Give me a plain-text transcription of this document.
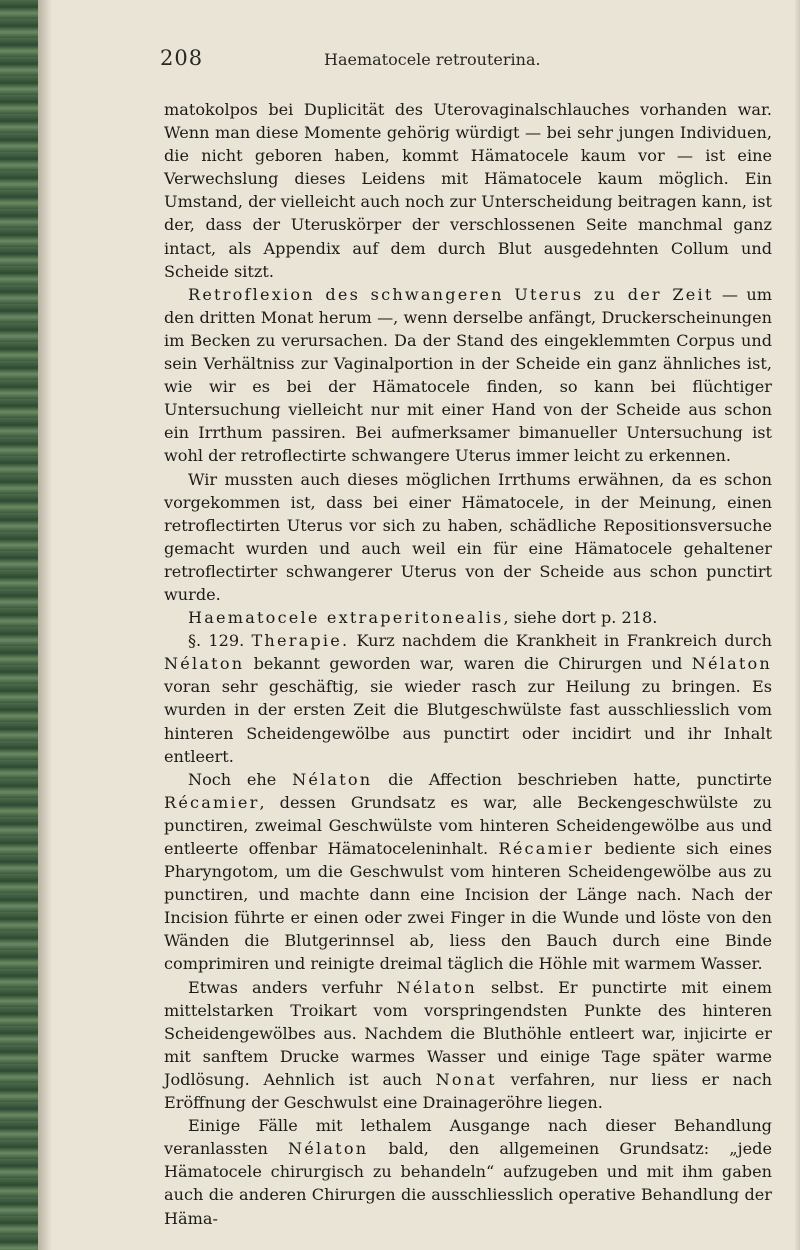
208	Haematocele retrouterina.

matokolpos bei Duplicität des Uterovaginalschlauches vorhanden war. Wenn man diese Momente gehörig würdigt — bei sehr jungen Individuen, die nicht geboren haben, kommt Hämatocele kaum vor — ist eine Verwechslung dieses Leidens mit Hämatocele kaum möglich. Ein Umstand, der vielleicht auch noch zur Unterscheidung beitragen kann, ist der, dass der Uteruskörper der verschlossenen Seite manchmal ganz intact, als Appendix auf dem durch Blut ausgedehnten Collum und Scheide sitzt.

Retroflexion des schwangeren Uterus zu der Zeit — um den dritten Monat herum —, wenn derselbe anfängt, Druckerscheinungen im Becken zu verursachen. Da der Stand des eingeklemmten Corpus und sein Verhältniss zur Vaginalportion in der Scheide ein ganz ähnliches ist, wie wir es bei der Hämatocele finden, so kann bei flüchtiger Untersuchung vielleicht nur mit einer Hand von der Scheide aus schon ein Irrthum passiren. Bei aufmerksamer bimanueller Untersuchung ist wohl der retroflectirte schwangere Uterus immer leicht zu erkennen.

Wir mussten auch dieses möglichen Irrthums erwähnen, da es schon vorgekommen ist, dass bei einer Hämatocele, in der Meinung, einen retroflectirten Uterus vor sich zu haben, schädliche Repositionsversuche gemacht wurden und auch weil ein für eine Hämatocele gehaltener retroflectirter schwangerer Uterus von der Scheide aus schon punctirt wurde.

Haematocele extraperitonealis, siehe dort p. 218.

§. 129. Therapie. Kurz nachdem die Krankheit in Frankreich durch Nélaton bekannt geworden war, waren die Chirurgen und Nélaton voran sehr geschäftig, sie wieder rasch zur Heilung zu bringen. Es wurden in der ersten Zeit die Blutgeschwülste fast ausschliesslich vom hinteren Scheidengewölbe aus punctirt oder incidirt und ihr Inhalt entleert.

Noch ehe Nélaton die Affection beschrieben hatte, punctirte Récamier, dessen Grundsatz es war, alle Beckengeschwülste zu punctiren, zweimal Geschwülste vom hinteren Scheidengewölbe aus und entleerte offenbar Hämatoceleninhalt. Récamier bediente sich eines Pharyngotom, um die Geschwulst vom hinteren Scheidengewölbe aus zu punctiren, und machte dann eine Incision der Länge nach. Nach der Incision führte er einen oder zwei Finger in die Wunde und löste von den Wänden die Blutgerinnsel ab, liess den Bauch durch eine Binde comprimiren und reinigte dreimal täglich die Höhle mit warmem Wasser.

Etwas anders verfuhr Nélaton selbst. Er punctirte mit einem mittelstarken Troikart vom vorspringendsten Punkte des hinteren Scheidengewölbes aus. Nachdem die Bluthöhle entleert war, injicirte er mit sanftem Drucke warmes Wasser und einige Tage später warme Jodlösung. Aehnlich ist auch Nonat verfahren, nur liess er nach Eröffnung der Geschwulst eine Drainageröhre liegen.

Einige Fälle mit lethalem Ausgange nach dieser Behandlung veranlassten Nélaton bald, den allgemeinen Grundsatz: „jede Hämatocele chirurgisch zu behandeln“ aufzugeben und mit ihm gaben auch die anderen Chirurgen die ausschliesslich operative Behandlung der Häma-
